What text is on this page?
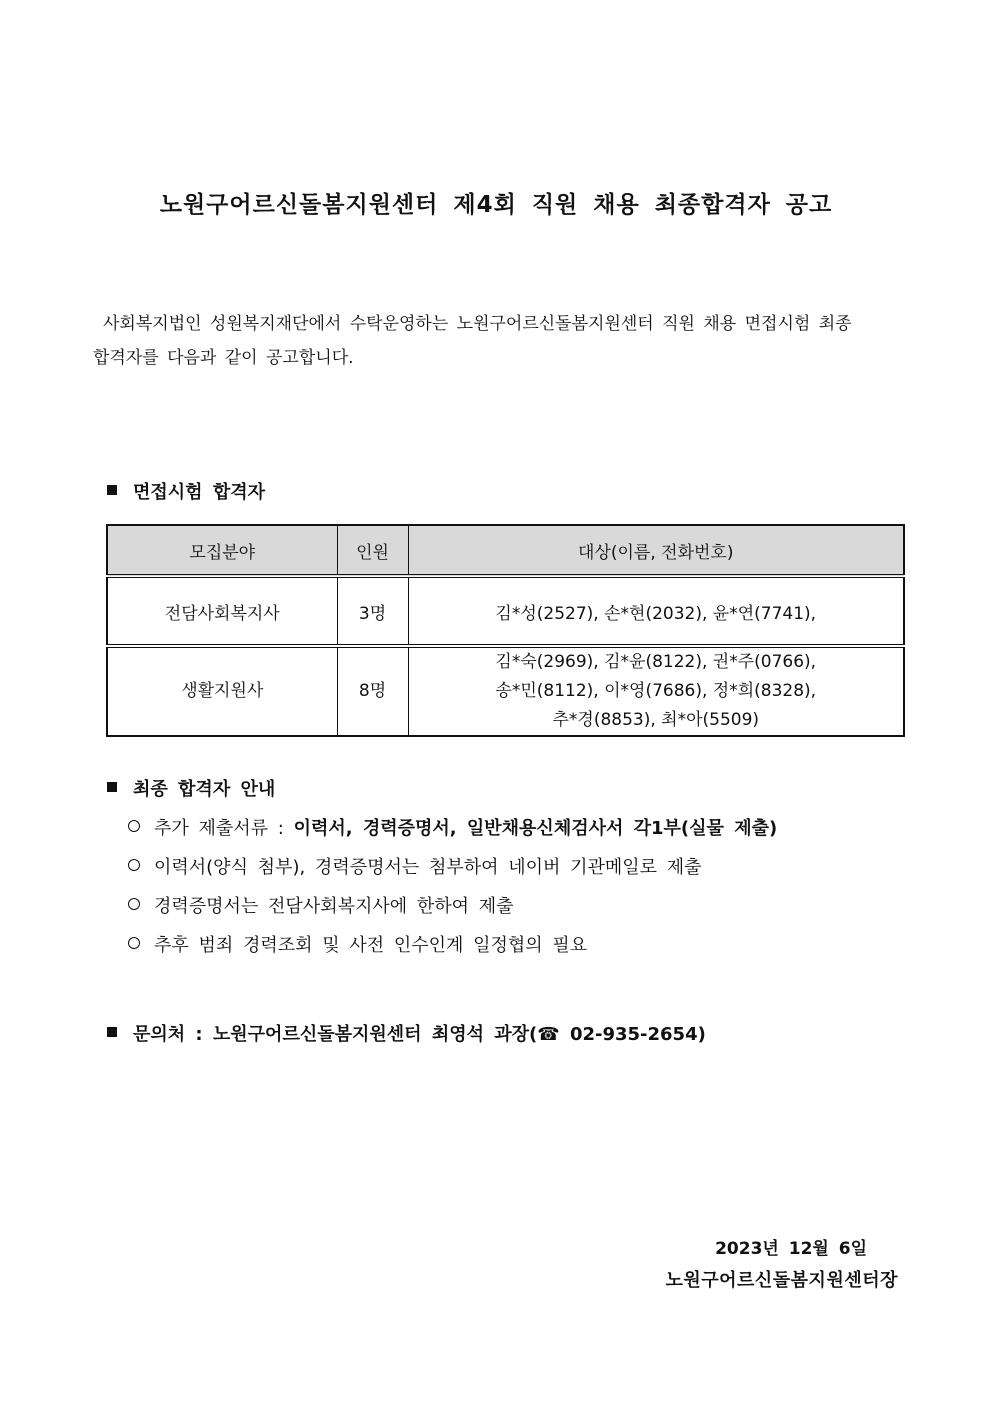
노원구어르신돌봄지원센터 제4회 직원 채용 최종합격자 공고

사회복지법인 성원복지재단에서 수탁운영하는 노원구어르신돌봄지원센터 직원 채용 면접시험 최종

합격자를 다음과 같이 공고합니다.

면접시험 합격자
모집분야	인원	대상(이름, 전화번호)
전담사회복지사	3명	김*성(2527), 손*현(2032), 윤*연(7741),

생활지원사	8명	김*숙(2969), 김*윤(8122), 권*주(0766),
송*민(8112), 이*영(7686), 정*희(8328),
추*경(8853), 최*아(5509)
최종 합격자 안내
추가 제출서류 : 이력서, 경력증명서, 일반채용신체검사서 각1부(실물 제출)
이력서(양식 첨부), 경력증명서는 첨부하여 네이버 기관메일로 제출
경력증명서는 전담사회복지사에 한하여 제출
추후 범죄 경력조회 및 사전 인수인계 일정협의 필요
문의처 : 노원구어르신돌봄지원센터 최영석 과장(☎ 02-935-2654)
2023년 12월 6일
노원구어르신돌봄지원센터장
